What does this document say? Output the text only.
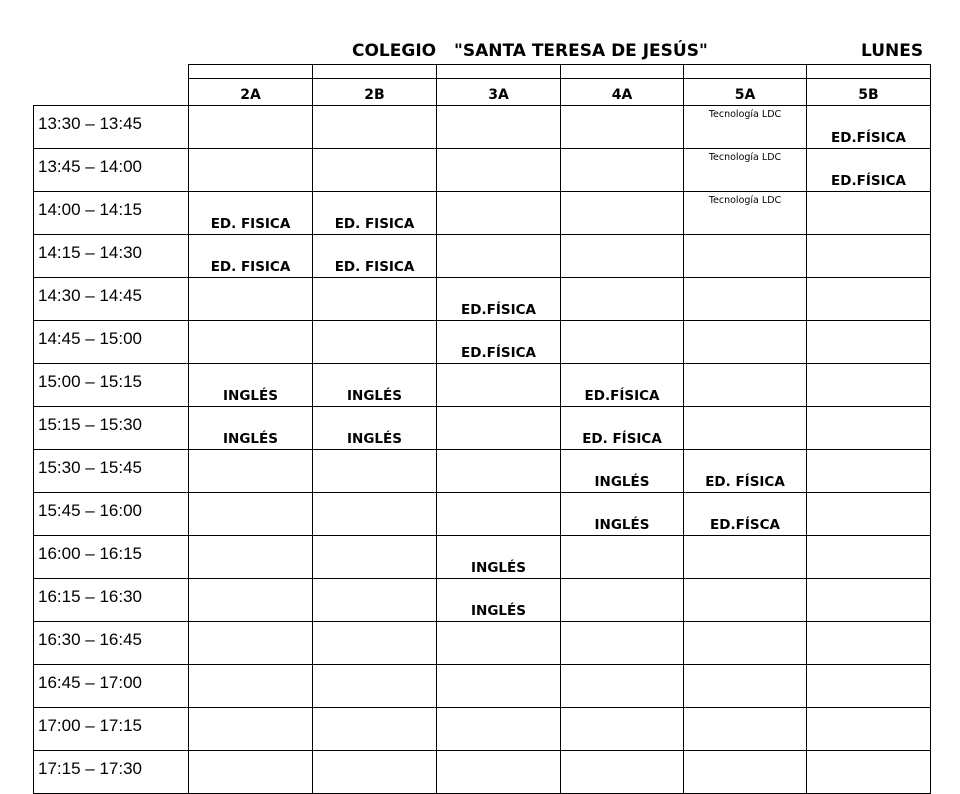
COLEGIO "SANTA TERESA DE JESÚS"	LUNES

	2A	2B	3A	4A	5A	5B
13:30 – 13:45					Tecnología LDC	ED.FÍSICA
13:45 – 14:00					Tecnología LDC	ED.FÍSICA
14:00 – 14:15	ED. FISICA	ED. FISICA			Tecnología LDC	
14:15 – 14:30	ED. FISICA	ED. FISICA				
14:30 – 14:45			ED.FÍSICA			
14:45 – 15:00			ED.FÍSICA			
15:00 – 15:15	INGLÉS	INGLÉS		ED.FÍSICA		
15:15 – 15:30	INGLÉS	INGLÉS		ED. FÍSICA		
15:30 – 15:45				INGLÉS	ED. FÍSICA	
15:45 – 16:00				INGLÉS	ED.FÍSCA	
16:00 – 16:15			INGLÉS			
16:15 – 16:30			INGLÉS			
16:30 – 16:45						
16:45 – 17:00						
17:00 – 17:15						
17:15 – 17:30						
